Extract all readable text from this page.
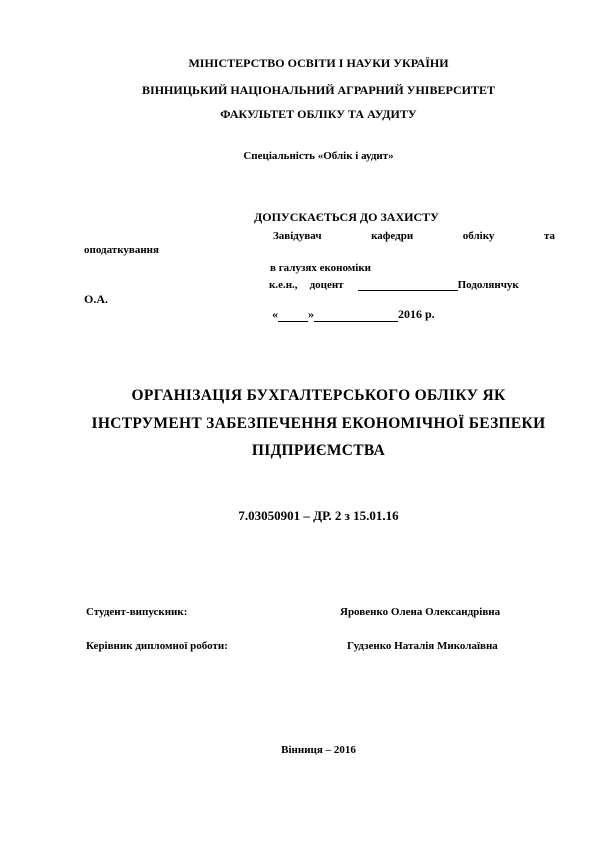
МІНІСТЕРСТВО ОСВІТИ І НАУКИ УКРАЇНИ
ВІННИЦЬКИЙ НАЦІОНАЛЬНИЙ АГРАРНИЙ УНІВЕРСИТЕТ
ФАКУЛЬТЕТ ОБЛІКУ ТА АУДИТУ
Спеціальність «Облік і аудит»
ДОПУСКАЄТЬСЯ ДО ЗАХИСТУ
Завідувач	кафедри	обліку	та
оподаткування
в галузях економіки
к.е.н., доцент	Подолянчук
О.А.
«	»	2016 р.
ОРГАНІЗАЦІЯ БУХГАЛТЕРСЬКОГО ОБЛІКУ ЯК
ІНСТРУМЕНТ ЗАБЕЗПЕЧЕННЯ ЕКОНОМІЧНОЇ БЕЗПЕКИ
ПІДПРИЄМСТВА
7.03050901 – ДР. 2 з 15.01.16
Студент-випускник:	Яровенко Олена Олександрівна
Керівник дипломної роботи:	Гудзенко Наталія Миколаївна
Вінниця – 2016
